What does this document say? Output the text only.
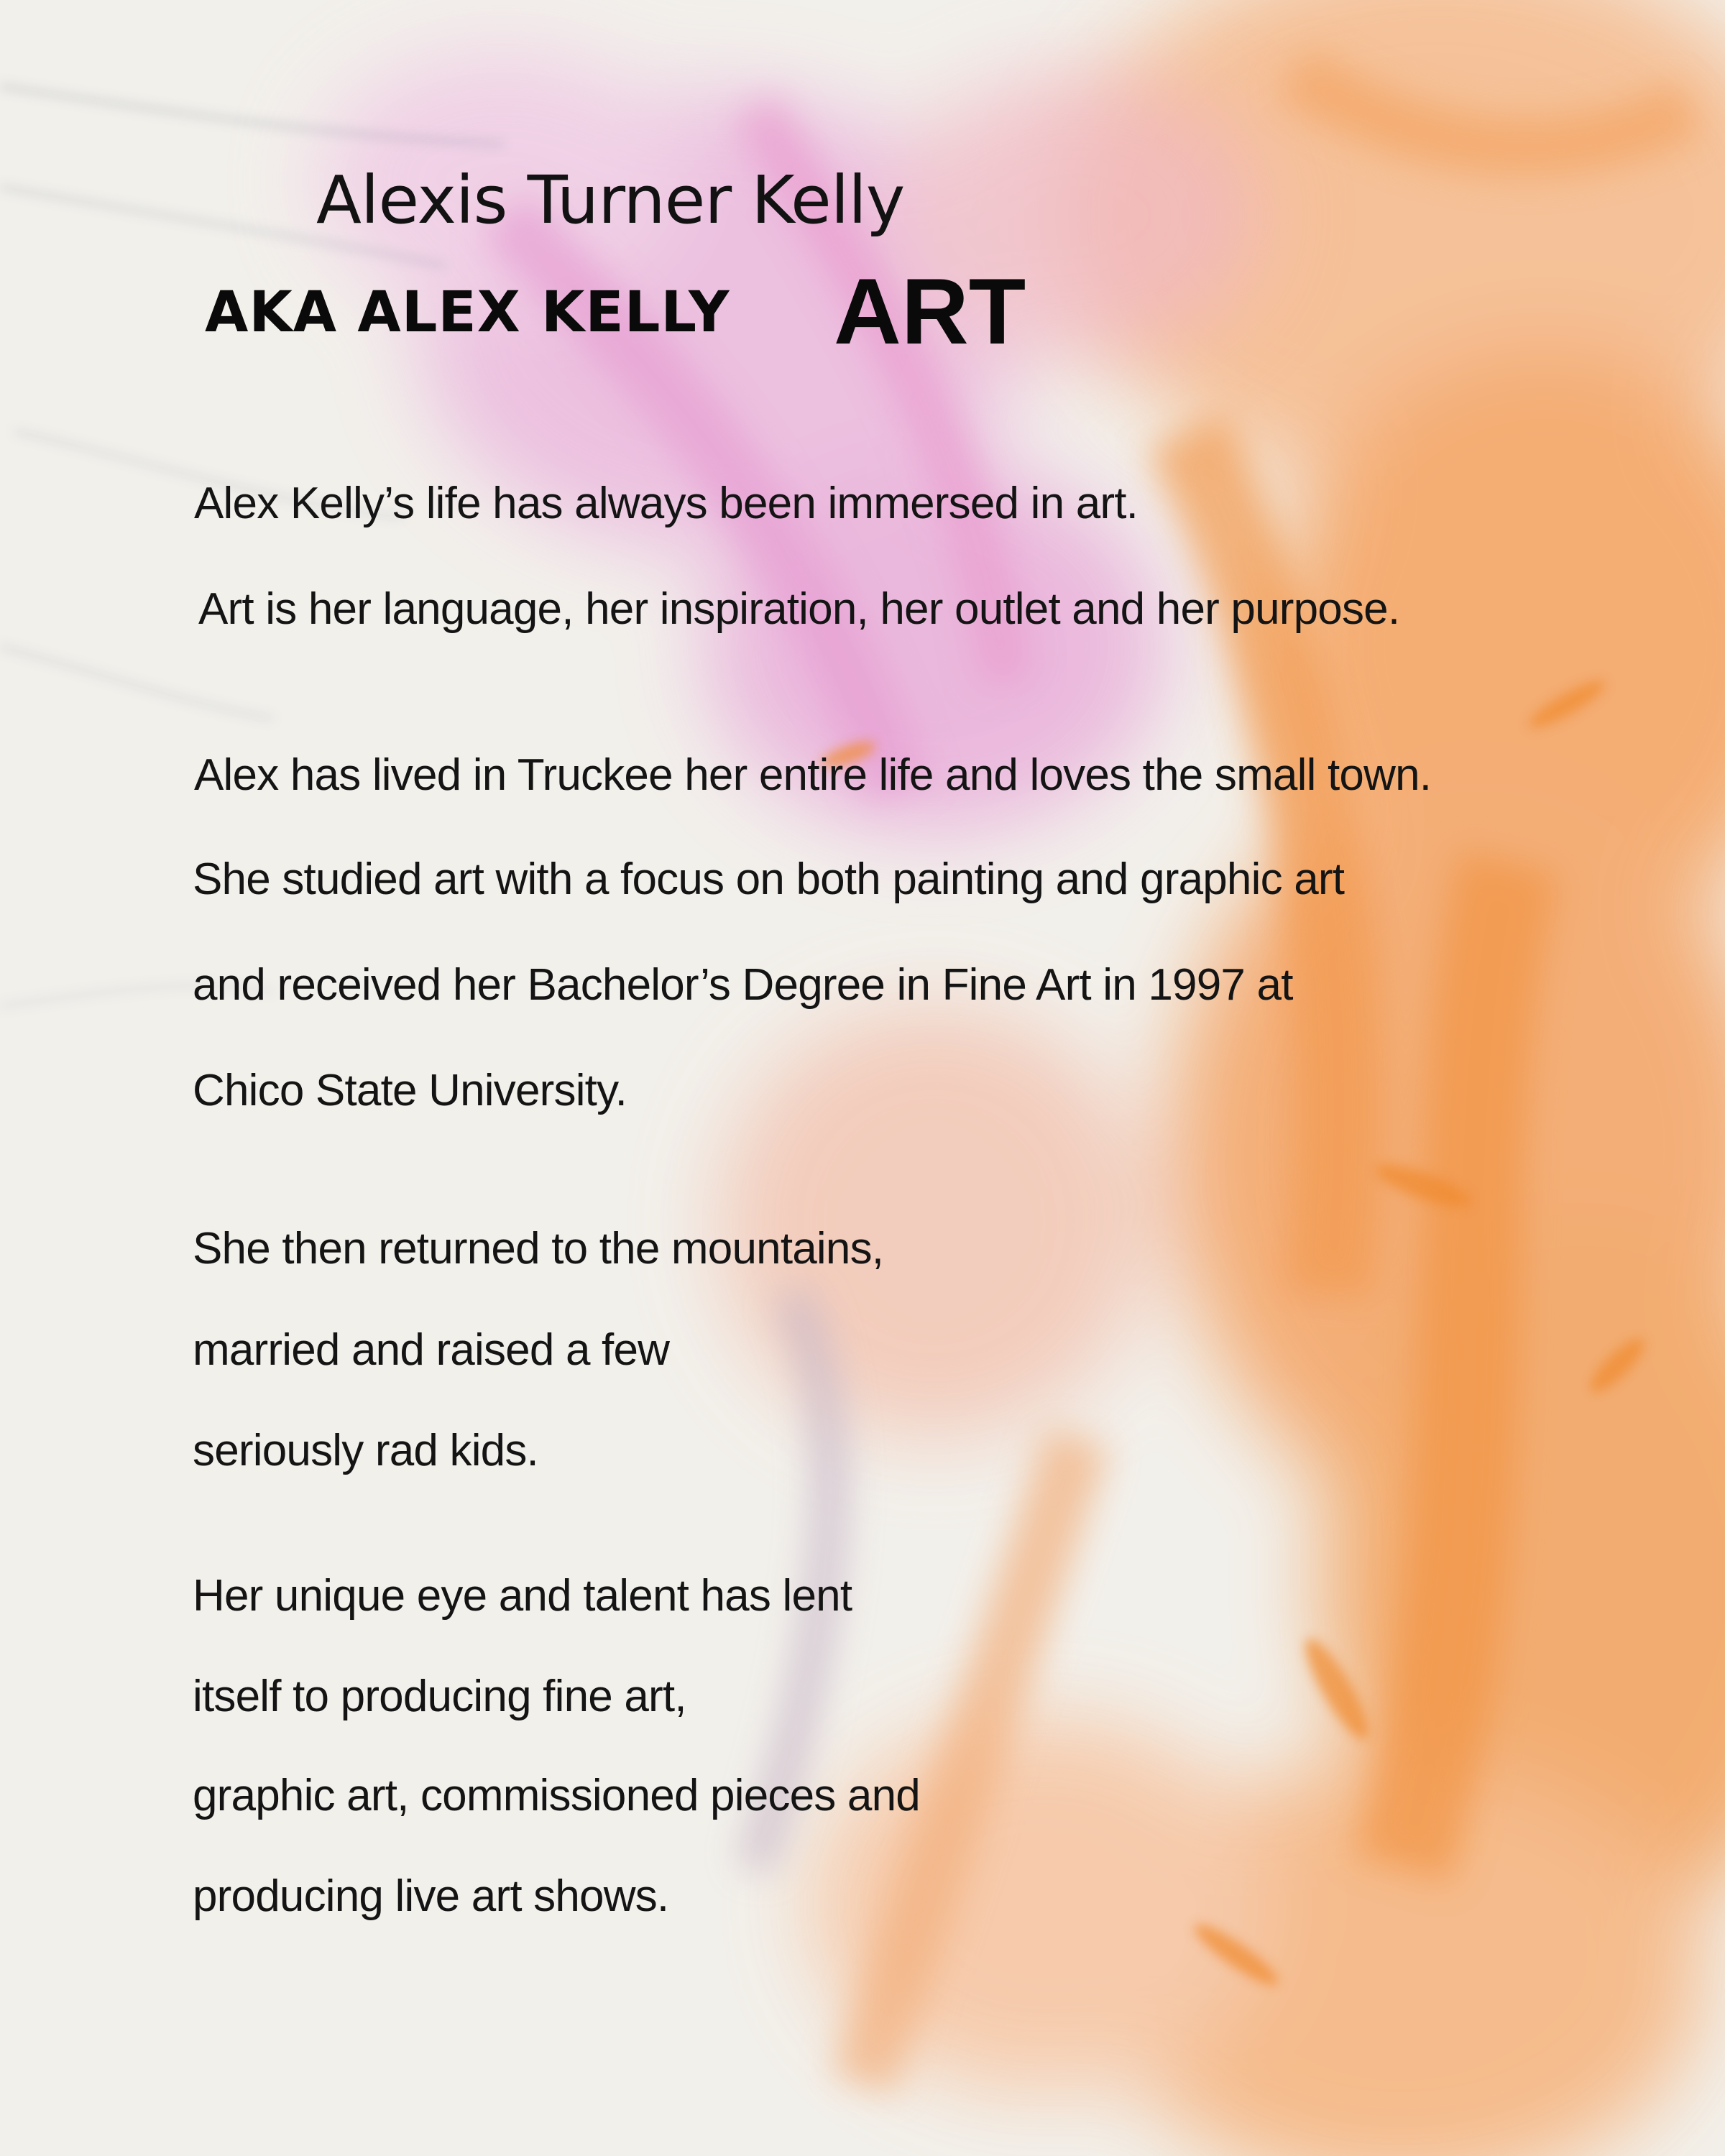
Alexis Turner Kelly
AKA ALEX KELLY ART
Alex Kelly’s life has always been immersed in art.
Art is her language, her inspiration, her outlet and her purpose.
Alex has lived in Truckee her entire life and loves the small town.
She studied art with a focus on both painting and graphic art
and received her Bachelor’s Degree in Fine Art in 1997 at
Chico State University.
She then returned to the mountains,
married and raised a few
seriously rad kids.
Her unique eye and talent has lent
itself to producing fine art,
graphic art, commissioned pieces and
producing live art shows.
